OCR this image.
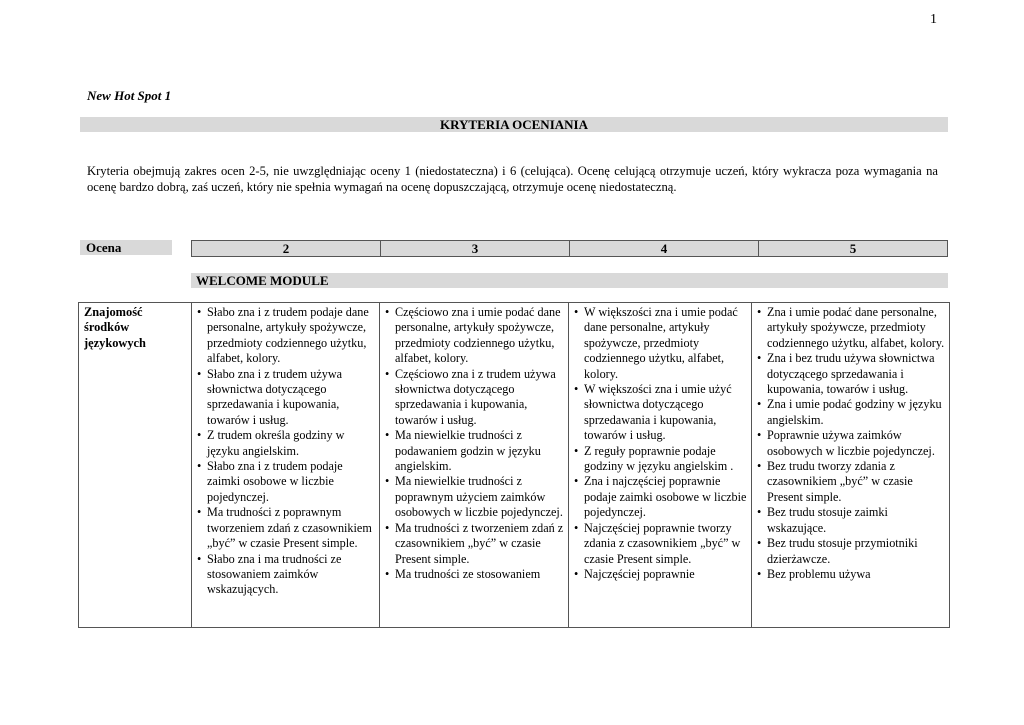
1
New Hot Spot 1
KRYTERIA OCENIANIA
Kryteria obejmują zakres ocen 2-5, nie uwzględniając oceny 1 (niedostateczna) i 6 (celująca). Ocenę celującą otrzymuje uczeń, który wykracza poza wymagania na ocenę bardzo dobrą, zaś uczeń, który nie spełnia wymagań na ocenę dopuszczającą, otrzymuje ocenę niedostateczną.
Ocena	2	3	4	5
WELCOME MODULE
Znajomość środków językowych

• Słabo zna i z trudem podaje dane personalne, artykuły spożywcze, przedmioty codziennego użytku, alfabet, kolory.
• Słabo zna i z trudem używa słownictwa dotyczącego sprzedawania i kupowania, towarów i usług.
• Z trudem określa godziny w języku angielskim.
• Słabo zna i z trudem podaje zaimki osobowe w liczbie pojedynczej.
• Ma trudności z poprawnym tworzeniem zdań z czasownikiem „być” w czasie Present simple.
• Słabo zna i ma trudności ze stosowaniem zaimków wskazujących.

• Częściowo zna i umie podać dane personalne, artykuły spożywcze, przedmioty codziennego użytku, alfabet, kolory.
• Częściowo zna i z trudem używa słownictwa dotyczącego sprzedawania i kupowania, towarów i usług.
• Ma niewielkie trudności z podawaniem godzin w języku angielskim.
• Ma niewielkie trudności z poprawnym użyciem zaimków osobowych w liczbie pojedynczej.
• Ma trudności z tworzeniem zdań z czasownikiem „być” w czasie Present simple.
• Ma trudności ze stosowaniem

• W większości zna i umie podać dane personalne, artykuły spożywcze, przedmioty codziennego użytku, alfabet, kolory.
• W większości zna i umie użyć słownictwa dotyczącego sprzedawania i kupowania, towarów i usług.
• Z reguły poprawnie podaje godziny w języku angielskim .
• Zna i najczęściej poprawnie podaje zaimki osobowe w liczbie pojedynczej.
• Najczęściej poprawnie tworzy zdania z czasownikiem „być” w czasie Present simple.
• Najczęściej poprawnie

• Zna i umie podać dane personalne, artykuły spożywcze, przedmioty codziennego użytku, alfabet, kolory.
• Zna i bez trudu używa słownictwa dotyczącego sprzedawania i kupowania, towarów i usług.
• Zna i umie podać godziny w języku angielskim.
• Poprawnie używa zaimków osobowych w liczbie pojedynczej.
• Bez trudu tworzy zdania z czasownikiem „być” w czasie Present simple.
• Bez trudu stosuje zaimki wskazujące.
• Bez trudu stosuje przymiotniki dzierżawcze.
• Bez problemu używa
